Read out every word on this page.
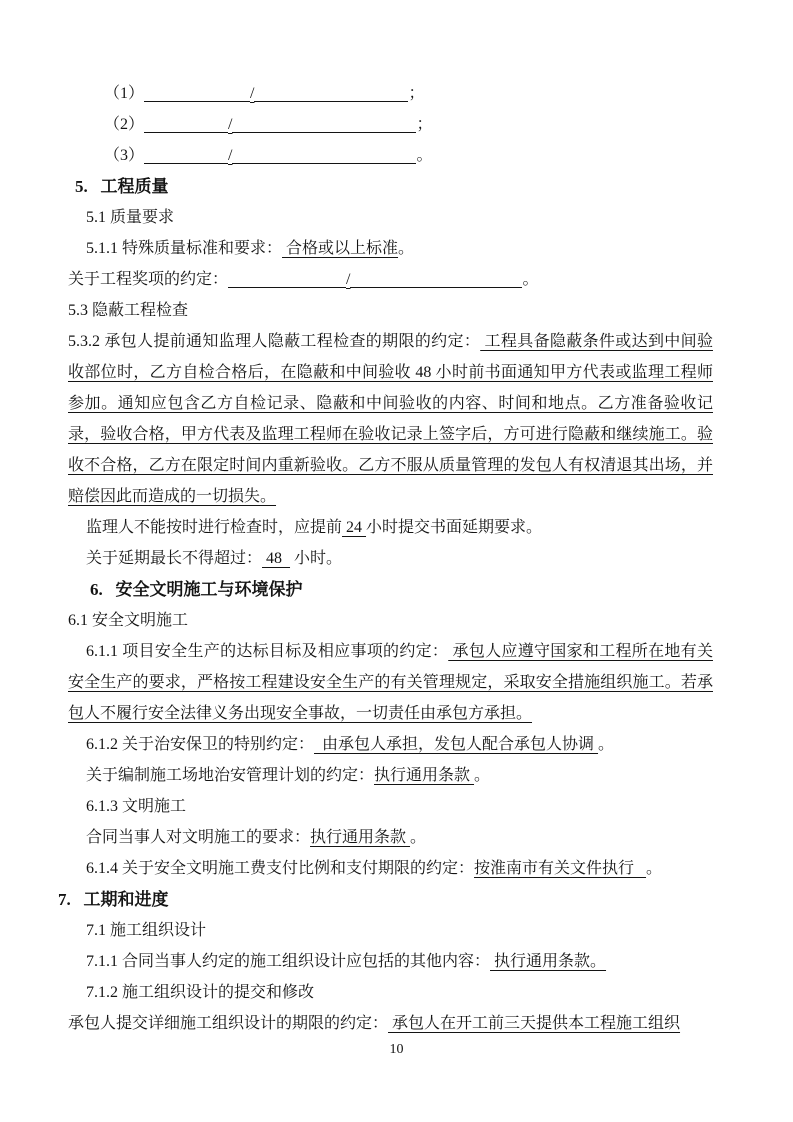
（1）	/	；
（2）	/	；
（3）	/	。
5.   工程质量
5.1 质量要求
5.1.1 特殊质量标准和要求： 合格或以上标准。
关于工程奖项的约定：	/	。
5.3 隐蔽工程检查
5.3.2 承包人提前通知监理人隐蔽工程检查的期限的约定： 工程具备隐蔽条件或达到中间验收部位时，乙方自检合格后，在隐蔽和中间验收 48 小时前书面通知甲方代表或监理工程师参加。通知应包含乙方自检记录、隐蔽和中间验收的内容、时间和地点。乙方准备验收记录，验收合格，甲方代表及监理工程师在验收记录上签字后，方可进行隐蔽和继续施工。验收不合格，乙方在限定时间内重新验收。乙方不服从质量管理的发包人有权清退其出场，并赔偿因此而造成的一切损失。
监理人不能按时进行检查时，应提前 24 小时提交书面延期要求。
关于延期最长不得超过： 48   小时。
6.   安全文明施工与环境保护
6.1 安全文明施工
6.1.1 项目安全生产的达标目标及相应事项的约定： 承包人应遵守国家和工程所在地有关安全生产的要求，严格按工程建设安全生产的有关管理规定，采取安全措施组织施工。若承包人不履行安全法律义务出现安全事故，一切责任由承包方承担。
6.1.2 关于治安保卫的特别约定：  由承包人承担，发包人配合承包人协调 。
关于编制施工场地治安管理计划的约定：执行通用条款 。
6.1.3 文明施工
合同当事人对文明施工的要求：执行通用条款 。
6.1.4 关于安全文明施工费支付比例和支付期限的约定：按淮南市有关文件执行   。
7.   工期和进度
7.1 施工组织设计
7.1.1 合同当事人约定的施工组织设计应包括的其他内容： 执行通用条款。
7.1.2 施工组织设计的提交和修改
承包人提交详细施工组织设计的期限的约定： 承包人在开工前三天提供本工程施工组织
10
